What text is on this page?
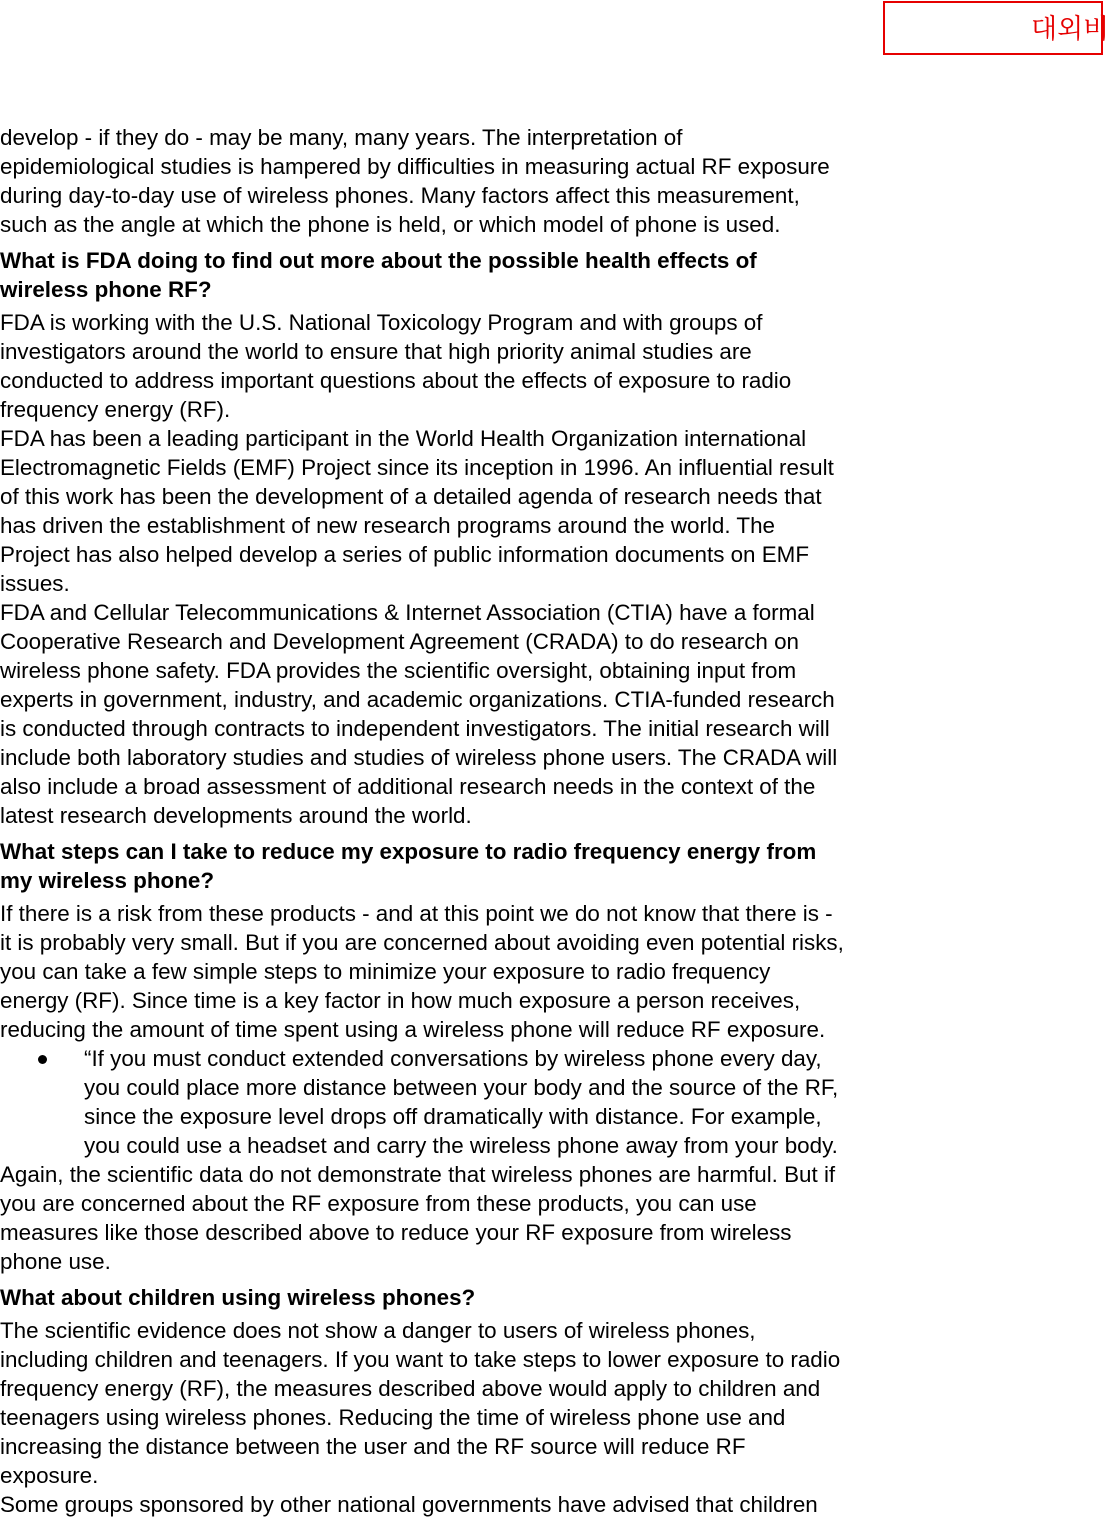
대외비
develop - if they do - may be many, many years. The interpretation of
epidemiological studies is hampered by difficulties in measuring actual RF exposure
during day-to-day use of wireless phones. Many factors affect this measurement,
such as the angle at which the phone is held, or which model of phone is used.
What is FDA doing to find out more about the possible health effects of
wireless phone RF?
FDA is working with the U.S. National Toxicology Program and with groups of
investigators around the world to ensure that high priority animal studies are
conducted to address important questions about the effects of exposure to radio
frequency energy (RF).
FDA has been a leading participant in the World Health Organization international
Electromagnetic Fields (EMF) Project since its inception in 1996. An influential result
of this work has been the development of a detailed agenda of research needs that
has driven the establishment of new research programs around the world. The
Project has also helped develop a series of public information documents on EMF
issues.
FDA and Cellular Telecommunications & Internet Association (CTIA) have a formal
Cooperative Research and Development Agreement (CRADA) to do research on
wireless phone safety. FDA provides the scientific oversight, obtaining input from
experts in government, industry, and academic organizations. CTIA-funded research
is conducted through contracts to independent investigators. The initial research will
include both laboratory studies and studies of wireless phone users. The CRADA will
also include a broad assessment of additional research needs in the context of the
latest research developments around the world.
What steps can I take to reduce my exposure to radio frequency energy from
my wireless phone?
If there is a risk from these products - and at this point we do not know that there is -
it is probably very small. But if you are concerned about avoiding even potential risks,
you can take a few simple steps to minimize your exposure to radio frequency
energy (RF). Since time is a key factor in how much exposure a person receives,
reducing the amount of time spent using a wireless phone will reduce RF exposure.
“If you must conduct extended conversations by wireless phone every day,
you could place more distance between your body and the source of the RF,
since the exposure level drops off dramatically with distance. For example,
you could use a headset and carry the wireless phone away from your body.
Again, the scientific data do not demonstrate that wireless phones are harmful. But if
you are concerned about the RF exposure from these products, you can use
measures like those described above to reduce your RF exposure from wireless
phone use.
What about children using wireless phones?
The scientific evidence does not show a danger to users of wireless phones,
including children and teenagers. If you want to take steps to lower exposure to radio
frequency energy (RF), the measures described above would apply to children and
teenagers using wireless phones. Reducing the time of wireless phone use and
increasing the distance between the user and the RF source will reduce RF
exposure.
Some groups sponsored by other national governments have advised that children
